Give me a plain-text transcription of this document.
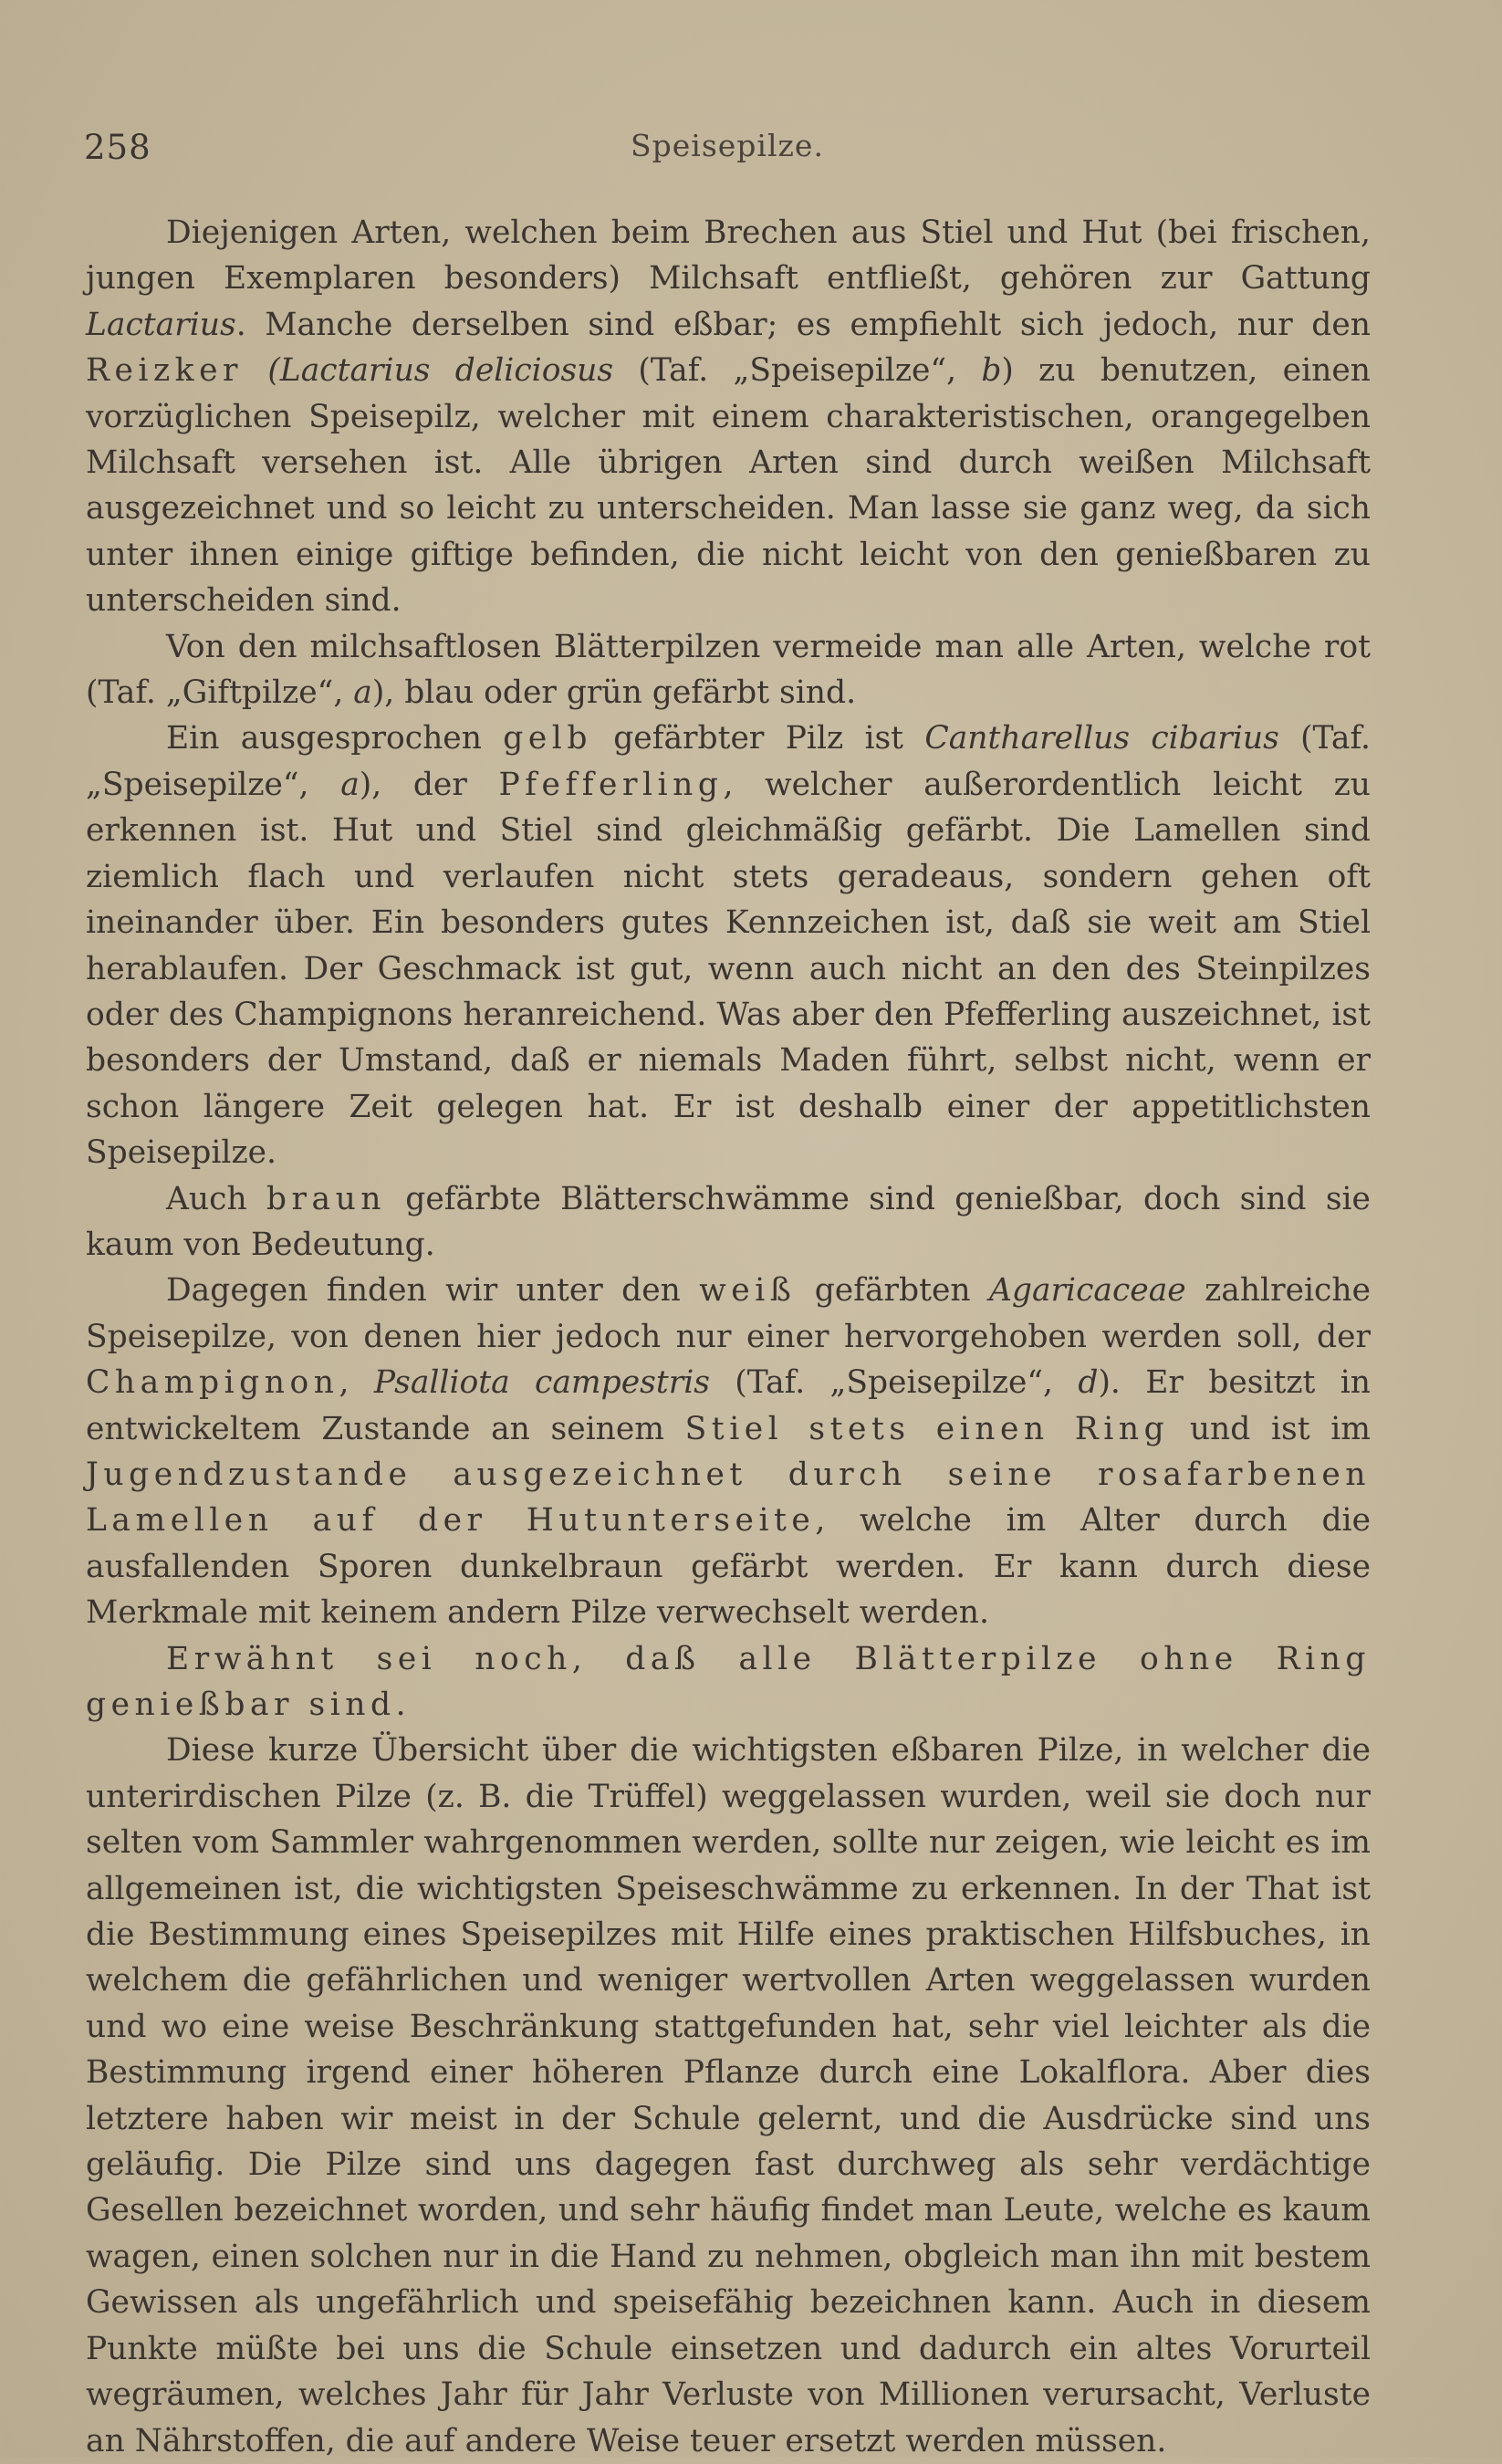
258	Speisepilze.

Diejenigen Arten, welchen beim Brechen aus Stiel und Hut (bei frischen, jungen Exemplaren besonders) Milchsaft entfließt, gehören zur Gattung Lactarius. Manche derselben sind eßbar; es empfiehlt sich jedoch, nur den Reizker (Lactarius deliciosus (Taf. „Speisepilze“, b) zu benutzen, einen vorzüglichen Speisepilz, welcher mit einem charakteristischen, orangegelben Milchsaft versehen ist. Alle übrigen Arten sind durch weißen Milchsaft ausgezeichnet und so leicht zu unterscheiden. Man lasse sie ganz weg, da sich unter ihnen einige giftige befinden, die nicht leicht von den genießbaren zu unterscheiden sind.

Von den milchsaftlosen Blätterpilzen vermeide man alle Arten, welche rot (Taf. „Giftpilze“, a), blau oder grün gefärbt sind.

Ein ausgesprochen gelb gefärbter Pilz ist Cantharellus cibarius (Taf. „Speisepilze“, a), der Pfefferling, welcher außerordentlich leicht zu erkennen ist. Hut und Stiel sind gleichmäßig gefärbt. Die Lamellen sind ziemlich flach und verlaufen nicht stets geradeaus, sondern gehen oft ineinander über. Ein besonders gutes Kennzeichen ist, daß sie weit am Stiel herablaufen. Der Geschmack ist gut, wenn auch nicht an den des Steinpilzes oder des Champignons heranreichend. Was aber den Pfefferling auszeichnet, ist besonders der Umstand, daß er niemals Maden führt, selbst nicht, wenn er schon längere Zeit gelegen hat. Er ist deshalb einer der appetitlichsten Speisepilze.

Auch braun gefärbte Blätterschwämme sind genießbar, doch sind sie kaum von Bedeutung.

Dagegen finden wir unter den weiß gefärbten Agaricaceae zahlreiche Speisepilze, von denen hier jedoch nur einer hervorgehoben werden soll, der Champignon, Psalliota campestris (Taf. „Speisepilze“, d). Er besitzt in entwickeltem Zustande an seinem Stiel stets einen Ring und ist im Jugendzustande ausgezeichnet durch seine rosafarbenen Lamellen auf der Hutunterseite, welche im Alter durch die ausfallenden Sporen dunkelbraun gefärbt werden. Er kann durch diese Merkmale mit keinem andern Pilze verwechselt werden.

Erwähnt sei noch, daß alle Blätterpilze ohne Ring genießbar sind.

Diese kurze Übersicht über die wichtigsten eßbaren Pilze, in welcher die unterirdischen Pilze (z. B. die Trüffel) weggelassen wurden, weil sie doch nur selten vom Sammler wahrgenommen werden, sollte nur zeigen, wie leicht es im allgemeinen ist, die wichtigsten Speiseschwämme zu erkennen. In der That ist die Bestimmung eines Speisepilzes mit Hilfe eines praktischen Hilfsbuches, in welchem die gefährlichen und weniger wertvollen Arten weggelassen wurden und wo eine weise Beschränkung stattgefunden hat, sehr viel leichter als die Bestimmung irgend einer höheren Pflanze durch eine Lokalflora. Aber dies letztere haben wir meist in der Schule gelernt, und die Ausdrücke sind uns geläufig. Die Pilze sind uns dagegen fast durchweg als sehr verdächtige Gesellen bezeichnet worden, und sehr häufig findet man Leute, welche es kaum wagen, einen solchen nur in die Hand zu nehmen, obgleich man ihn mit bestem Gewissen als ungefährlich und speisefähig bezeichnen kann. Auch in diesem Punkte müßte bei uns die Schule einsetzen und dadurch ein altes Vorurteil wegräumen, welches Jahr für Jahr Verluste von Millionen verursacht, Verluste an Nährstoffen, die auf andere Weise teuer ersetzt werden müssen.
